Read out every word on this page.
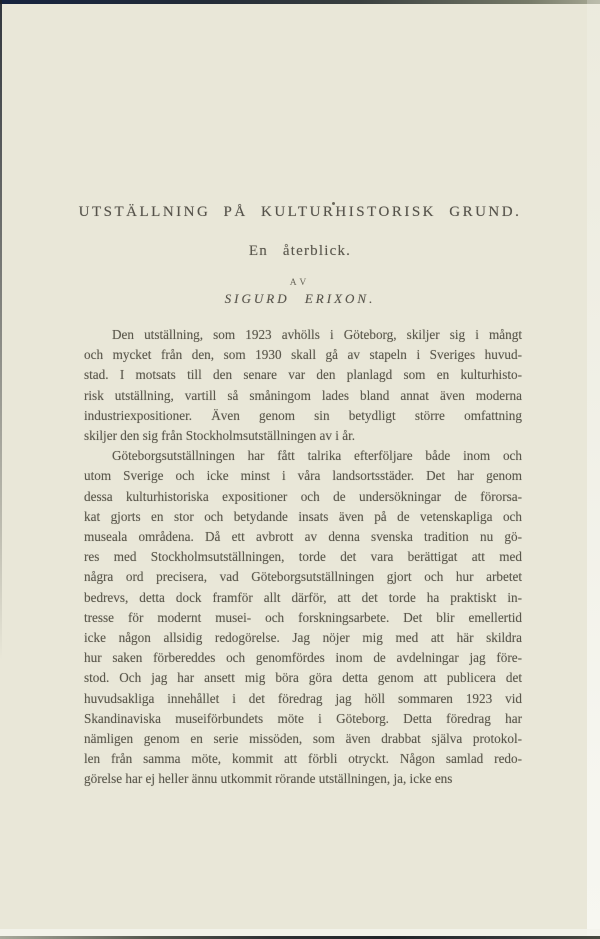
UTSTÄLLNING PÅ KULTURHISTORISK GRUND.
En återblick.
AV
SIGURD ERIXON.
Den utställning, som 1923 avhölls i Göteborg, skiljer sig i mångt
och mycket från den, som 1930 skall gå av stapeln i Sveriges huvud-
stad. I motsats till den senare var den planlagd som en kulturhisto-
risk utställning, vartill så småningom lades bland annat även moderna
industriexpositioner. Även genom sin betydligt större omfattning
skiljer den sig från Stockholmsutställningen av i år.
Göteborgsutställningen har fått talrika efterföljare både inom och
utom Sverige och icke minst i våra landsortsstäder. Det har genom
dessa kulturhistoriska expositioner och de undersökningar de förorsa-
kat gjorts en stor och betydande insats även på de vetenskapliga och
museala områdena. Då ett avbrott av denna svenska tradition nu gö-
res med Stockholmsutställningen, torde det vara berättigat att med
några ord precisera, vad Göteborgsutställningen gjort och hur arbetet
bedrevs, detta dock framför allt därför, att det torde ha praktiskt in-
tresse för modernt musei- och forskningsarbete. Det blir emellertid
icke någon allsidig redogörelse. Jag nöjer mig med att här skildra
hur saken förbereddes och genomfördes inom de avdelningar jag före-
stod. Och jag har ansett mig böra göra detta genom att publicera det
huvudsakliga innehållet i det föredrag jag höll sommaren 1923 vid
Skandinaviska museiförbundets möte i Göteborg. Detta föredrag har
nämligen genom en serie missöden, som även drabbat själva protokol-
len från samma möte, kommit att förbli otryckt. Någon samlad redo-
görelse har ej heller ännu utkommit rörande utställningen, ja, icke ens
